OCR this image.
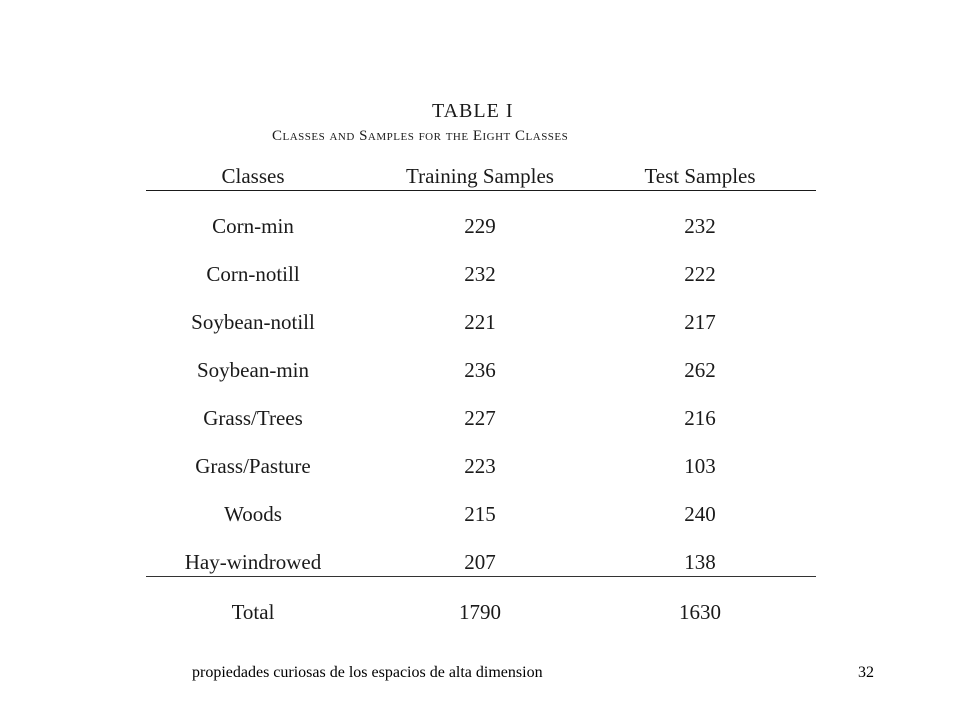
TABLE I
Classes and Samples for the Eight Classes
Classes	Training Samples	Test Samples
Corn-min	229	232
Corn-notill	232	222
Soybean-notill	221	217
Soybean-min	236	262
Grass/Trees	227	216
Grass/Pasture	223	103
Woods	215	240
Hay-windrowed	207	138
Total	1790	1630
propiedades curiosas de los espacios de alta dimension	32
